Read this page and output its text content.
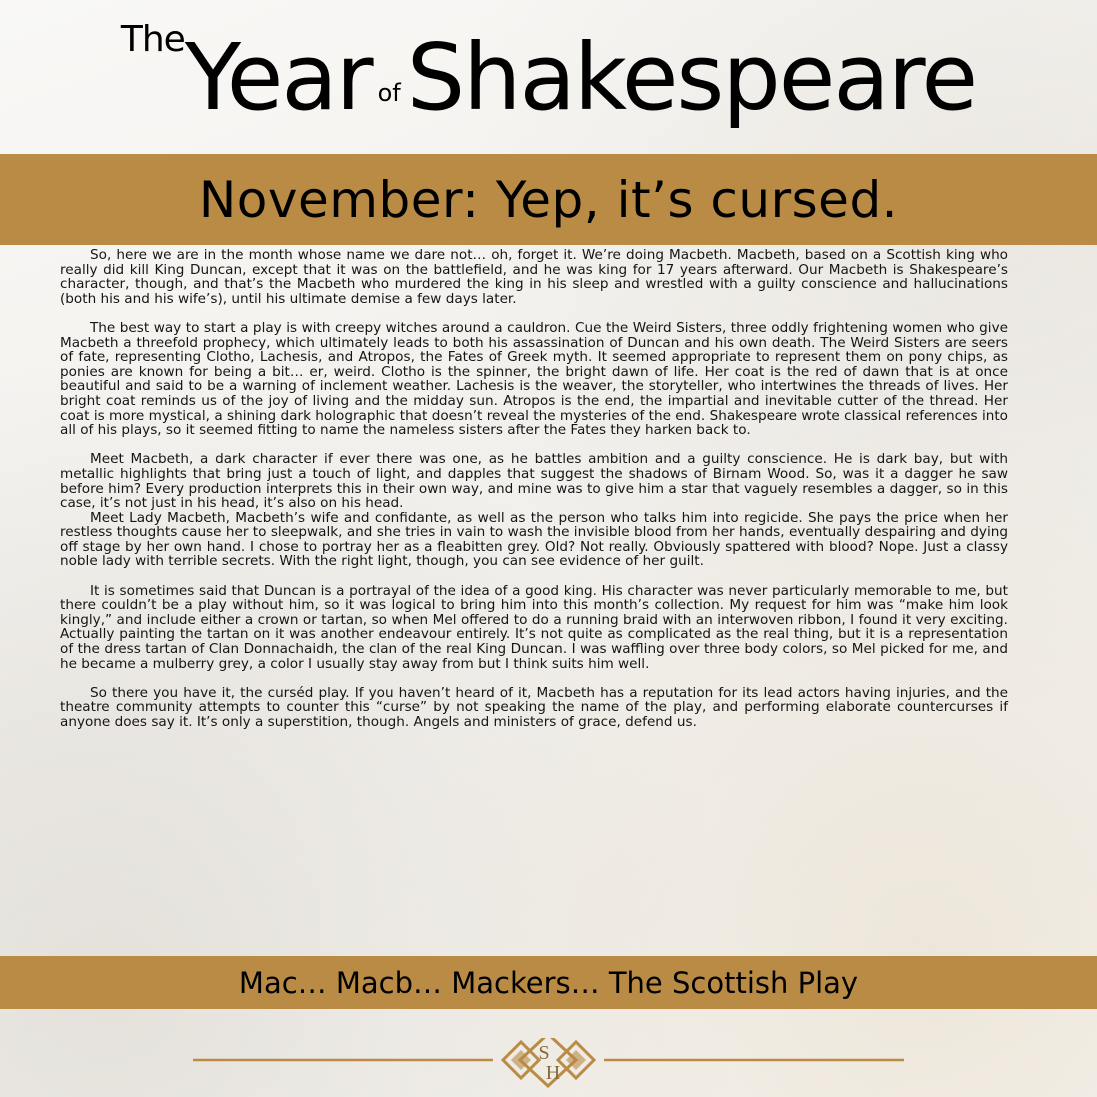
TheYear ofShakespeare
November: Yep, it’s cursed.

So, here we are in the month whose name we dare not… oh, forget it. We’re doing Macbeth. Macbeth, based on a Scottish king who really did kill King Duncan, except that it was on the battlefield, and he was king for 17 years afterward. Our Macbeth is Shakespeare’s character, though, and that’s the Macbeth who murdered the king in his sleep and wrestled with a guilty conscience and hallucinations (both his and his wife’s), until his ultimate demise a few days later.

The best way to start a play is with creepy witches around a cauldron. Cue the Weird Sisters, three oddly frightening women who give Macbeth a threefold prophecy, which ultimately leads to both his assassination of Duncan and his own death. The Weird Sisters are seers of fate, representing Clotho, Lachesis, and Atropos, the Fates of Greek myth. It seemed appropriate to represent them on pony chips, as ponies are known for being a bit… er, weird. Clotho is the spinner, the bright dawn of life. Her coat is the red of dawn that is at once beautiful and said to be a warning of inclement weather. Lachesis is the weaver, the storyteller, who intertwines the threads of lives. Her bright coat reminds us of the joy of living and the midday sun. Atropos is the end, the impartial and inevitable cutter of the thread. Her coat is more mystical, a shining dark holographic that doesn’t reveal the mysteries of the end. Shakespeare wrote classical references into all of his plays, so it seemed fitting to name the nameless sisters after the Fates they harken back to.

Meet Macbeth, a dark character if ever there was one, as he battles ambition and a guilty conscience. He is dark bay, but with metallic highlights that bring just a touch of light, and dapples that suggest the shadows of Birnam Wood. So, was it a dagger he saw before him? Every production interprets this in their own way, and mine was to give him a star that vaguely resembles a dagger, so in this case, it’s not just in his head, it’s also on his head.

Meet Lady Macbeth, Macbeth’s wife and confidante, as well as the person who talks him into regicide. She pays the price when her restless thoughts cause her to sleepwalk, and she tries in vain to wash the invisible blood from her hands, eventually despairing and dying off stage by her own hand. I chose to portray her as a fleabitten grey. Old? Not really. Obviously spattered with blood? Nope. Just a classy noble lady with terrible secrets. With the right light, though, you can see evidence of her guilt.

It is sometimes said that Duncan is a portrayal of the idea of a good king. His character was never particularly memorable to me, but there couldn’t be a play without him, so it was logical to bring him into this month’s collection. My request for him was “make him look kingly,” and include either a crown or tartan, so when Mel offered to do a running braid with an interwoven ribbon, I found it very exciting. Actually painting the tartan on it was another endeavour entirely. It’s not quite as complicated as the real thing, but it is a representation of the dress tartan of Clan Donnachaidh, the clan of the real King Duncan. I was waffling over three body colors, so Mel picked for me, and he became a mulberry grey, a color I usually stay away from but I think suits him well.

So there you have it, the curséd play. If you haven’t heard of it, Macbeth has a reputation for its lead actors having injuries, and the theatre community attempts to counter this “curse” by not speaking the name of the play, and performing elaborate countercurses if anyone does say it. It’s only a superstition, though. Angels and ministers of grace, defend us.

Mac… Macb… Mackers… The Scottish Play
S
H
